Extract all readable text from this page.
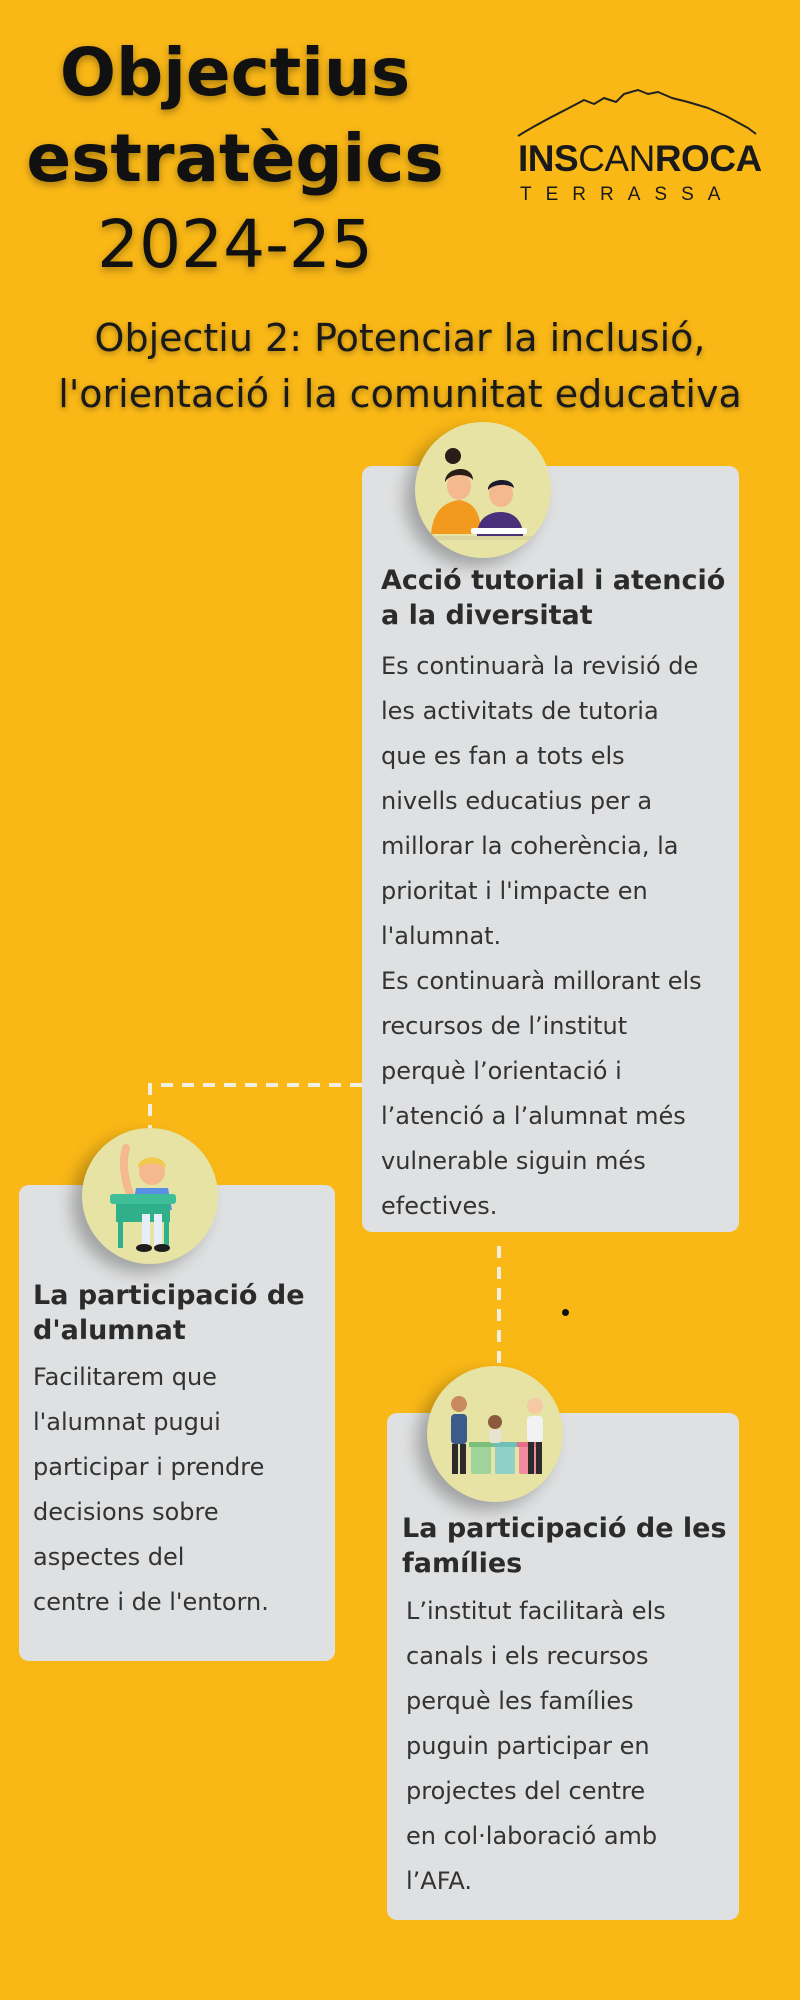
Objectius
estratègics
2024-25
INSCANROCA
TERRASSA
Objectiu 2: Potenciar la inclusió,
l'orientació i la comunitat educativa
Acció tutorial i atenció a la diversitat
Es continuarà la revisió de
les activitats de tutoria
que es fan a tots els
nivells educatius per a
millorar la coherència, la
prioritat i l'impacte en
l'alumnat.
Es continuarà millorant els
recursos de l’institut
perquè l’orientació i
l’atenció a l’alumnat més
vulnerable siguin més
efectives.
La participació de d'alumnat
Facilitarem que
l'alumnat pugui
participar i prendre
decisions sobre
aspectes del
centre i de l'entorn.
La participació de les famílies
L’institut facilitarà els
canals i els recursos
perquè les famílies
puguin participar en
projectes del centre
en col·laboració amb
l’AFA.
